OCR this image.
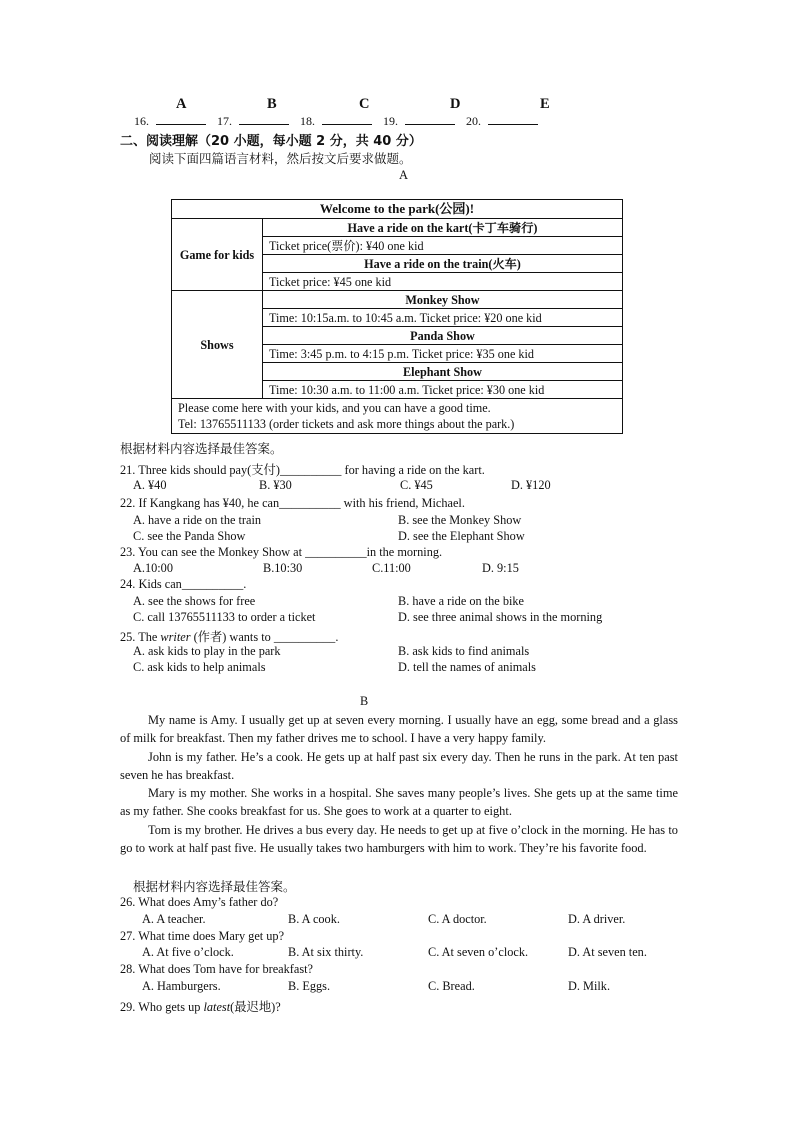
A	B	C	D	E
16.	17.	18.	19.	20.
二、阅读理解（20 小题，每小题 2 分，共 40 分）
阅读下面四篇语言材料，然后按文后要求做题。
A
Welcome to the park(公园)!	
Game for kids	Have a ride on the kart(卡丁车骑行)
	Ticket price(票价): ¥40 one kid
	Have a ride on the train(火车)
	Ticket price: ¥45 one kid
Shows	Monkey Show
	Time: 10:15a.m. to 10:45 a.m. Ticket price: ¥20 one kid
	Panda Show
	Time: 3:45 p.m. to 4:15 p.m. Ticket price: ¥35 one kid
	Elephant Show
	Time: 10:30 a.m. to 11:00 a.m. Ticket price: ¥30 one kid

Please come here with your kids, and you can have a good time.
Tel: 13765511133 (order tickets and ask more things about the park.)	
根据材料内容选择最佳答案。
21. Three kids should pay(支付)__________ for having a ride on the kart.
A. ¥40	B. ¥30	C. ¥45	D. ¥120
22. If Kangkang has ¥40, he can__________ with his friend, Michael.
A. have a ride on the train	B. see the Monkey Show
C. see the Panda Show	D. see the Elephant Show
23. You can see the Monkey Show at __________in the morning.
A.10:00	B.10:30	C.11:00	D. 9:15
24. Kids can__________.
A. see the shows for free	B. have a ride on the bike
C. call 13765511133 to order a ticket	D. see three animal shows in the morning
25. The writer (作者) wants to __________.
A. ask kids to play in the park	B. ask kids to find animals
C. ask kids to help animals	D. tell the names of animals
B

My name is Amy. I usually get up at seven every morning. I usually have an egg, some bread and a glass of milk for breakfast. Then my father drives me to school. I have a very happy family.

John is my father. He’s a cook. He gets up at half past six every day. Then he runs in the park. At ten past seven he has breakfast.

Mary is my mother. She works in a hospital. She saves many people’s lives. She gets up at the same time as my father. She cooks breakfast for us. She goes to work at a quarter to eight.

Tom is my brother. He drives a bus every day. He needs to get up at five o’clock in the morning. He has to go to work at half past five. He usually takes two hamburgers with him to work. They’re his favorite food.

根据材料内容选择最佳答案。
26. What does Amy’s father do?
A. A teacher.	B. A cook.	C. A doctor.	D. A driver.
27. What time does Mary get up?
A. At five o’clock.	B. At six thirty.	C. At seven o’clock.	D. At seven ten.
28. What does Tom have for breakfast?
A. Hamburgers.	B. Eggs.	C. Bread.	D. Milk.
29. Who gets up latest(最迟地)?
